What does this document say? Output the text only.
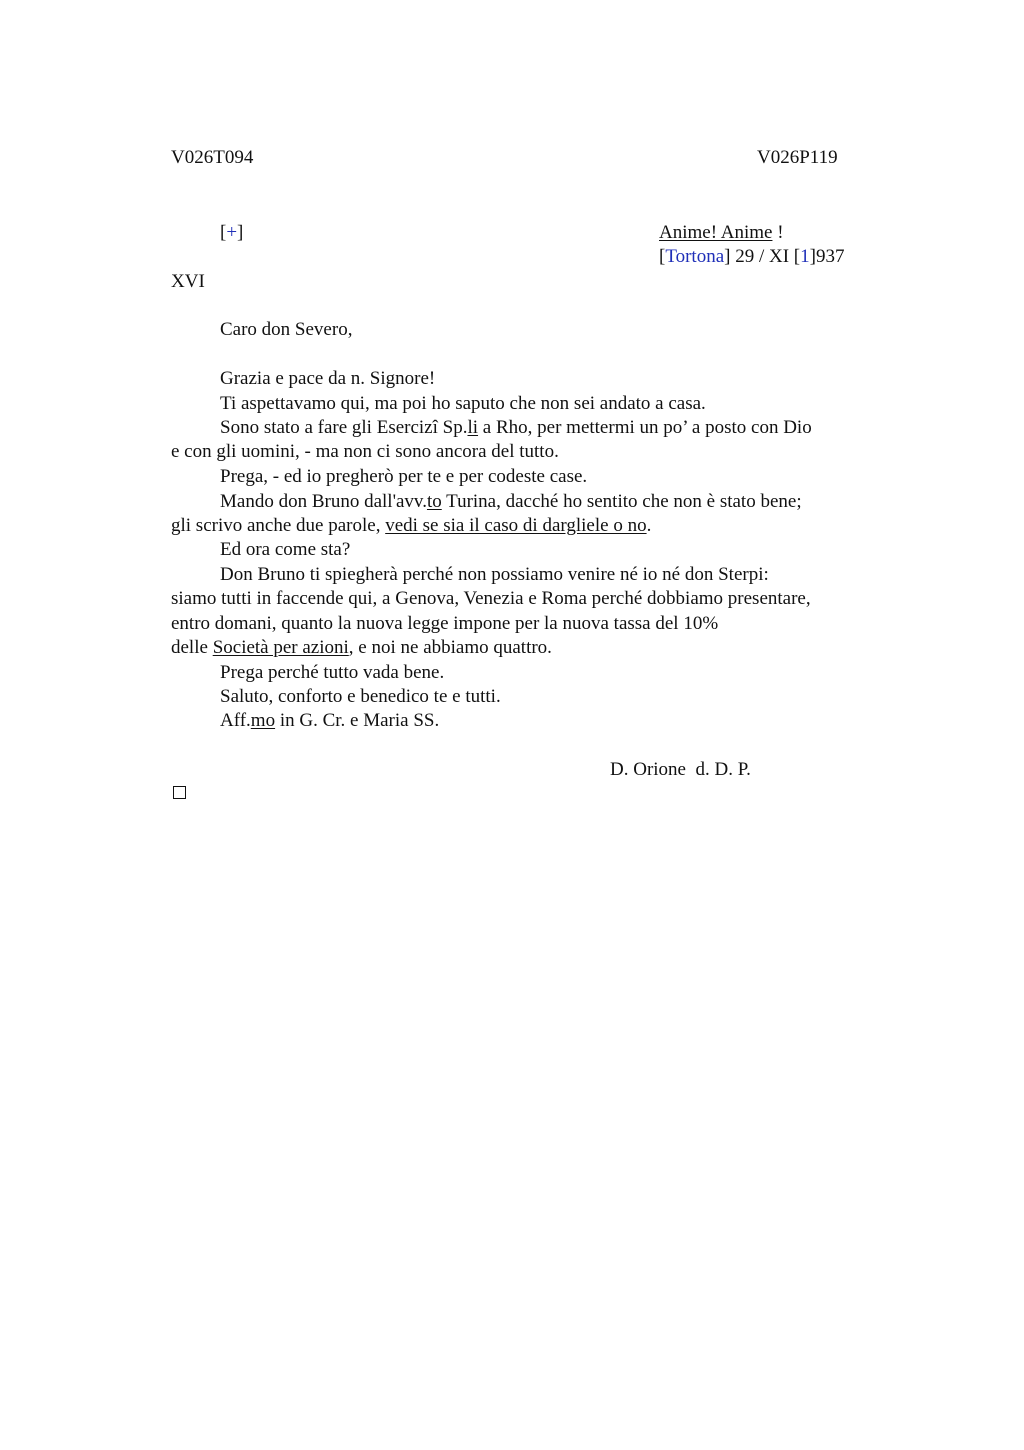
V026T094	V026P119
[+]	Anime! Anime !
[Tortona] 29 / XI [1]937
XVI
Caro don Severo,
Grazia e pace da n. Signore!
Ti aspettavamo qui, ma poi ho saputo che non sei andato a casa.
Sono stato a fare gli Esercizi Sp.li a Rho, per mettermi un po’ a posto con Dio
e con gli uomini, - ma non ci sono ancora del tutto.
Prega, - ed io pregherò per te e per codeste case.
Mando don Bruno dall'avv.to Turina, dacché ho sentito che non è stato bene;
gli scrivo anche due parole, vedi se sia il caso di dargliele o no.
Ed ora come sta?
Don Bruno ti spiegherà perché non possiamo venire né io né don Sterpi:
siamo tutti in faccende qui, a Genova, Venezia e Roma perché dobbiamo presentare,
entro domani, quanto la nuova legge impone per la nuova tassa del 10%
delle Società per azioni, e noi ne abbiamo quattro.
Prega perché tutto vada bene.
Saluto, conforto e benedico te e tutti.
Aff.mo in G. Cr. e Maria SS.
D. Orione  d. D. P.
